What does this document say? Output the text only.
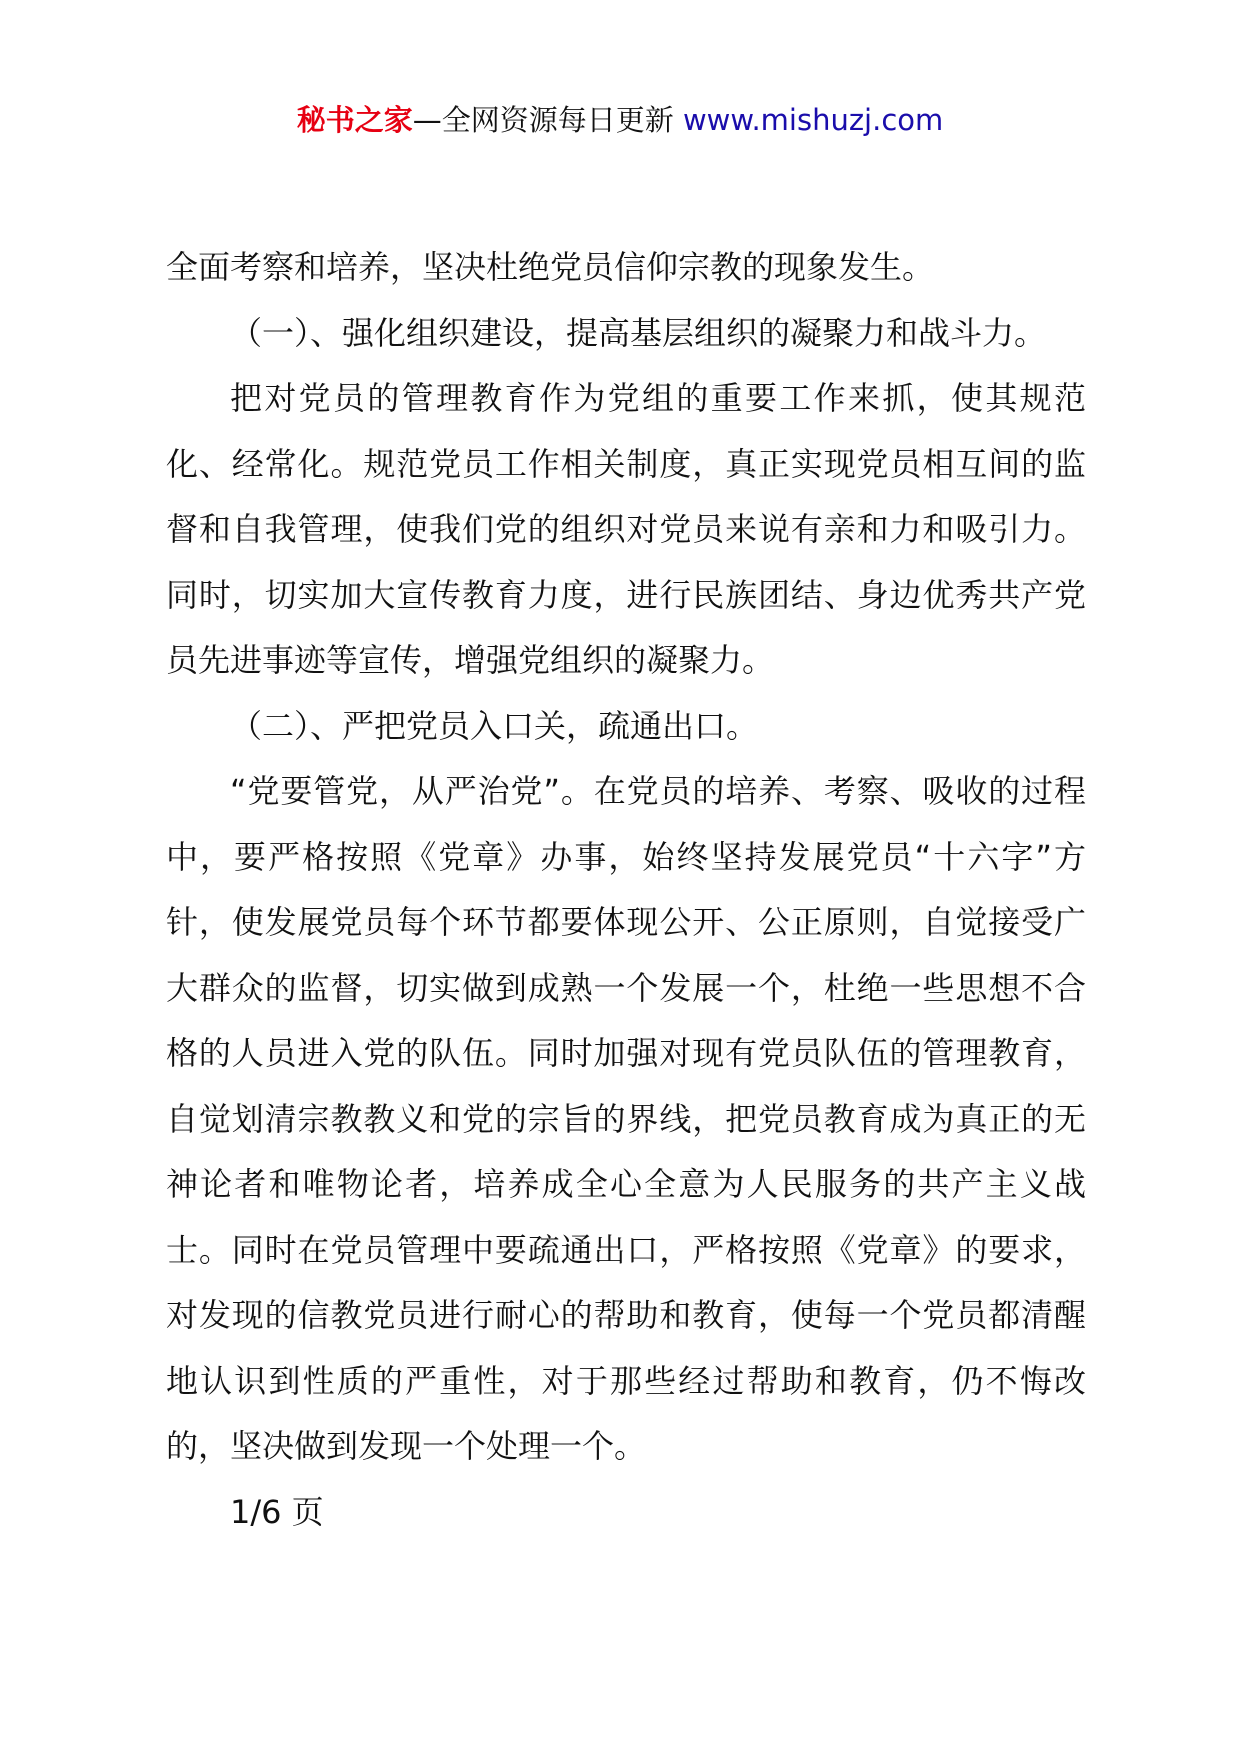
秘书之家—全网资源每日更新 www.mishuzj.com

全面考察和培养，坚决杜绝党员信仰宗教的现象发生。

（一）、强化组织建设，提高基层组织的凝聚力和战斗力。

把对党员的管理教育作为党组的重要工作来抓，使其规范化、经常化。规范党员工作相关制度，真正实现党员相互间的监督和自我管理，使我们党的组织对党员来说有亲和力和吸引力。同时，切实加大宣传教育力度，进行民族团结、身边优秀共产党员先进事迹等宣传，增强党组织的凝聚力。

（二）、严把党员入口关，疏通出口。

“党要管党，从严治党”。在党员的培养、考察、吸收的过程中，要严格按照《党章》办事，始终坚持发展党员“十六字”方针，使发展党员每个环节都要体现公开、公正原则，自觉接受广大群众的监督，切实做到成熟一个发展一个，杜绝一些思想不合格的人员进入党的队伍。同时加强对现有党员队伍的管理教育，自觉划清宗教教义和党的宗旨的界线，把党员教育成为真正的无神论者和唯物论者，培养成全心全意为人民服务的共产主义战士。同时在党员管理中要疏通出口，严格按照《党章》的要求，对发现的信教党员进行耐心的帮助和教育，使每一个党员都清醒地认识到性质的严重性，对于那些经过帮助和教育，仍不悔改的，坚决做到发现一个处理一个。

1/6 页
